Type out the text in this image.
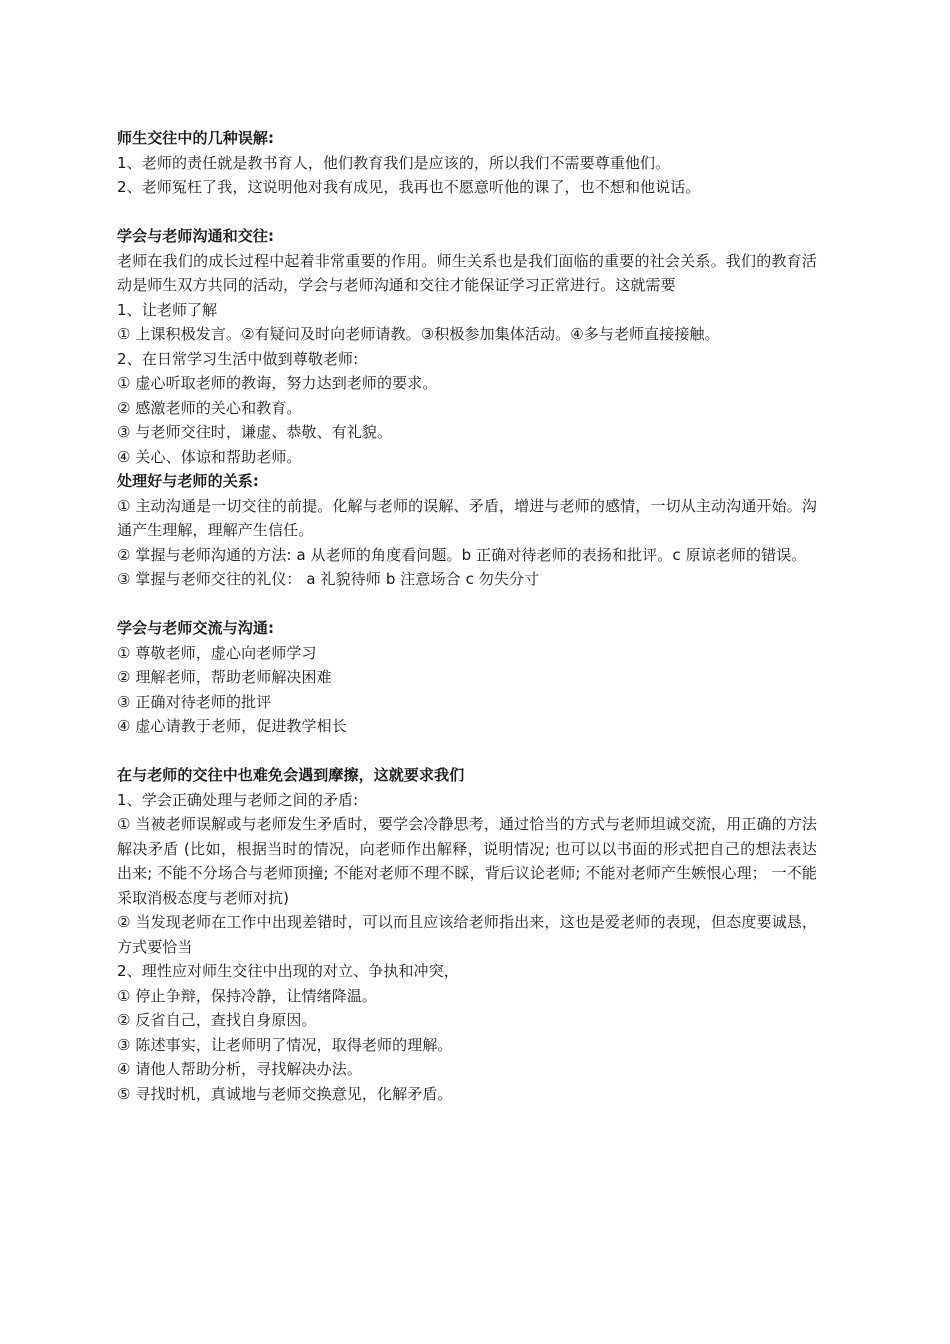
师生交往中的几种误解:
1、老师的责任就是教书育人，他们教育我们是应该的，所以我们不需要尊重他们。
2、老师冤枉了我，这说明他对我有成见，我再也不愿意听他的课了，也不想和他说话。
学会与老师沟通和交往:
老师在我们的成长过程中起着非常重要的作用。师生关系也是我们面临的重要的社会关系。我们的教育活动是师生双方共同的活动，学会与老师沟通和交往才能保证学习正常进行。这就需要
1、让老师了解
① 上课积极发言。②有疑问及时向老师请教。③积极参加集体活动。④多与老师直接接触。
2、在日常学习生活中做到尊敬老师:
① 虚心听取老师的教诲，努力达到老师的要求。
② 感激老师的关心和教育。
③ 与老师交往时，谦虚、恭敬、有礼貌。
④ 关心、体谅和帮助老师。
处理好与老师的关系:
① 主动沟通是一切交往的前提。化解与老师的误解、矛盾，增进与老师的感情，一切从主动沟通开始。沟通产生理解，理解产生信任。
② 掌握与老师沟通的方法: a 从老师的角度看问题。b 正确对待老师的表扬和批评。c 原谅老师的错误。
③ 掌握与老师交往的礼仪： a 礼貌待师 b 注意场合 c 勿失分寸
学会与老师交流与沟通:
① 尊敬老师，虚心向老师学习
② 理解老师，帮助老师解决困难
③ 正确对待老师的批评
④ 虚心请教于老师，促进教学相长
在与老师的交往中也难免会遇到摩擦，这就要求我们
1、学会正确处理与老师之间的矛盾:
① 当被老师误解或与老师发生矛盾时，要学会冷静思考，通过恰当的方式与老师坦诚交流，用正确的方法解决矛盾 (比如，根据当时的情况，向老师作出解释，说明情况; 也可以以书面的形式把自己的想法表达出来; 不能不分场合与老师顶撞; 不能对老师不理不睬，背后议论老师; 不能对老师产生嫉恨心理； 一不能采取消极态度与老师对抗)
② 当发现老师在工作中出现差错时，可以而且应该给老师指出来，这也是爱老师的表现，但态度要诚恳，方式要恰当
2、理性应对师生交往中出现的对立、争执和冲突，
① 停止争辩，保持冷静，让情绪降温。
② 反省自己，查找自身原因。
③ 陈述事实，让老师明了情况，取得老师的理解。
④ 请他人帮助分析，寻找解决办法。
⑤ 寻找时机，真诚地与老师交换意见，化解矛盾。
